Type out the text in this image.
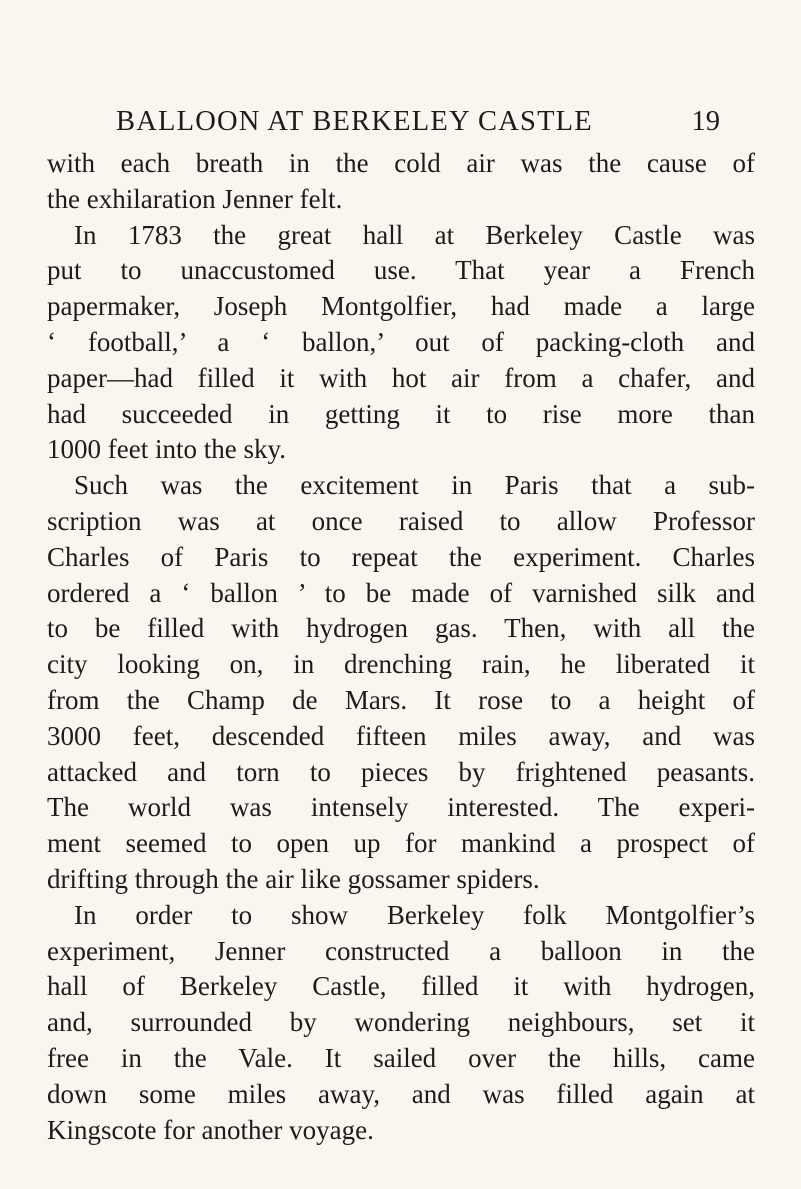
BALLOON AT BERKELEY CASTLE	19
with each breath in the cold air was the cause of
the exhilaration Jenner felt.
In 1783 the great hall at Berkeley Castle was
put to unaccustomed use. That year a French
papermaker, Joseph Montgolfier, had made a large
‘ football,’ a ‘ ballon,’ out of packing-cloth and
paper—had filled it with hot air from a chafer, and
had succeeded in getting it to rise more than
1000 feet into the sky.
Such was the excitement in Paris that a sub-
scription was at once raised to allow Professor
Charles of Paris to repeat the experiment. Charles
ordered a ‘ ballon ’ to be made of varnished silk and
to be filled with hydrogen gas. Then, with all the
city looking on, in drenching rain, he liberated it
from the Champ de Mars. It rose to a height of
3000 feet, descended fifteen miles away, and was
attacked and torn to pieces by frightened peasants.
The world was intensely interested. The experi-
ment seemed to open up for mankind a prospect of
drifting through the air like gossamer spiders.
In order to show Berkeley folk Montgolfier’s
experiment, Jenner constructed a balloon in the
hall of Berkeley Castle, filled it with hydrogen,
and, surrounded by wondering neighbours, set it
free in the Vale. It sailed over the hills, came
down some miles away, and was filled again at
Kingscote for another voyage.
